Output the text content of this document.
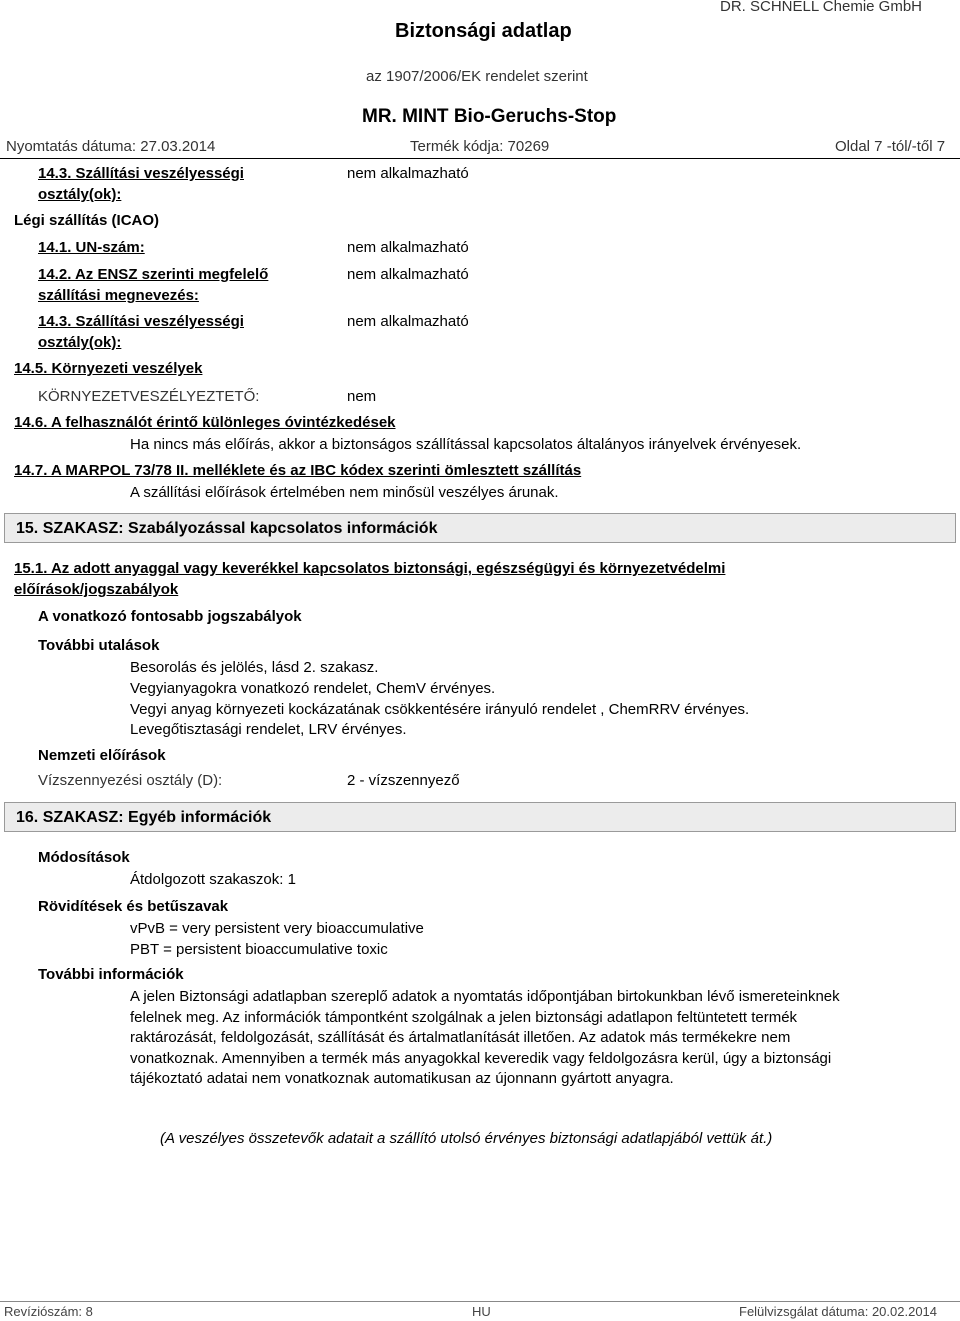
Biztonsági adatlap
DR. SCHNELL Chemie GmbH
az 1907/2006/EK rendelet szerint
MR. MINT Bio-Geruchs-Stop
Nyomtatás dátuma: 27.03.2014	Termék kódja: 70269	Oldal 7 -tól/-től 7
14.3. Szállítási veszélyességi
osztály(ok):
nem alkalmazható
Légi szállítás (ICAO)
14.1. UN-szám:	nem alkalmazható
14.2. Az ENSZ szerinti megfelelő
szállítási megnevezés:
nem alkalmazható
14.3. Szállítási veszélyességi
osztály(ok):
nem alkalmazható
14.5. Környezeti veszélyek
KÖRNYEZETVESZÉLYEZTETŐ:	nem
14.6. A felhasználót érintő különleges óvintézkedések
Ha nincs más előírás, akkor a biztonságos szállítással kapcsolatos általányos irányelvek érvényesek.
14.7. A MARPOL 73/78 II. melléklete és az IBC kódex szerinti ömlesztett szállítás
A szállítási előírások értelmében nem minősül veszélyes árunak.
15. SZAKASZ: Szabályozással kapcsolatos információk
15.1. Az adott anyaggal vagy keverékkel kapcsolatos biztonsági, egészségügyi és környezetvédelmi
előírások/jogszabályok
A vonatkozó fontosabb jogszabályok
További utalások
Besorolás és jelölés, lásd 2. szakasz.
Vegyianyagokra vonatkozó rendelet, ChemV érvényes.
Vegyi anyag környezeti kockázatának csökkentésére irányuló rendelet , ChemRRV érvényes.
Levegőtisztasági rendelet, LRV érvényes.
Nemzeti előírások
Vízszennyezési osztály (D):	2 - vízszennyező
16. SZAKASZ: Egyéb információk
Módosítások
Átdolgozott szakaszok: 1
Rövidítések és betűszavak
vPvB = very persistent very bioaccumulative
PBT = persistent bioaccumulative toxic
További információk
A jelen Biztonsági adatlapban szereplő adatok a nyomtatás időpontjában birtokunkban lévő ismereteinknek felelnek meg. Az információk támpontként szolgálnak a jelen biztonsági adatlapon feltüntetett termék raktározását, feldolgozását, szállítását és ártalmatlanítását illetően. Az adatok más termékekre nem vonatkoznak. Amennyiben a termék más anyagokkal keveredik vagy feldolgozásra kerül, úgy a biztonsági tájékoztató adatai nem vonatkoznak automatikusan az újonnann gyártott anyagra.
(A veszélyes összetevők adatait a szállító utolsó érvényes biztonsági adatlapjából vettük át.)
Revíziószám: 8	HU	Felülvizsgálat dátuma: 20.02.2014
